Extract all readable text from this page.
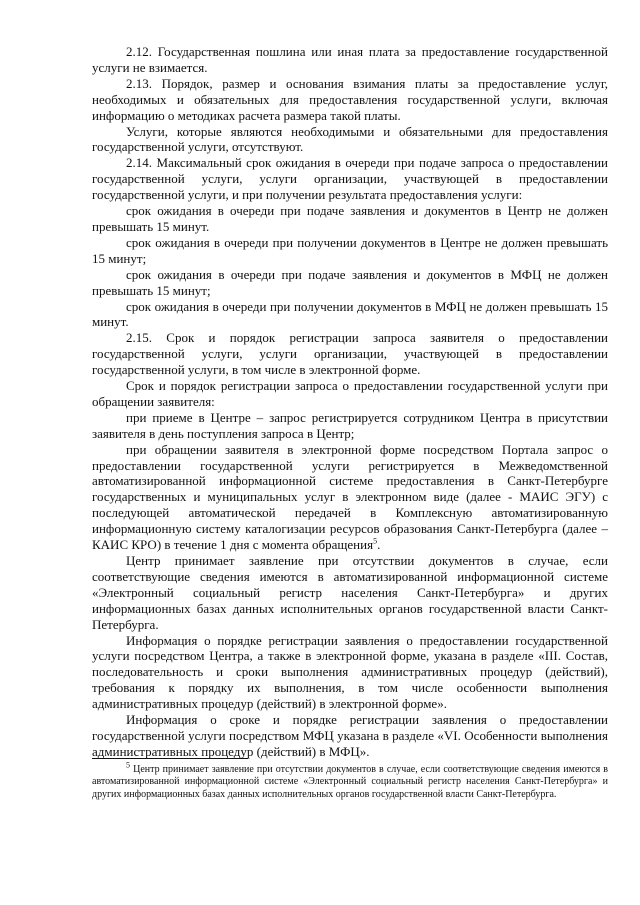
2.12. Государственная пошлина или иная плата за предоставление государственной услуги не взимается.

2.13. Порядок, размер и основания взимания платы за предоставление услуг, необходимых и обязательных для предоставления государственной услуги, включая информацию о методиках расчета размера такой платы.

Услуги, которые являются необходимыми и обязательными для предоставления государственной услуги, отсутствуют.

2.14. Максимальный срок ожидания в очереди при подаче запроса о предоставлении государственной услуги, услуги организации, участвующей в предоставлении государственной услуги, и при получении результата предоставления услуги:

срок ожидания в очереди при подаче заявления и документов в Центр не должен превышать 15 минут.

срок ожидания в очереди при получении документов в Центре не должен превышать 15 минут;

срок ожидания в очереди при подаче заявления и документов в МФЦ не должен превышать 15 минут;

срок ожидания в очереди при получении документов в МФЦ не должен превышать 15 минут.

2.15. Срок и порядок регистрации запроса заявителя о предоставлении государственной услуги, услуги организации, участвующей в предоставлении государственной услуги, в том числе в электронной форме.

Срок и порядок регистрации запроса о предоставлении государственной услуги при обращении заявителя:

при приеме в Центре – запрос регистрируется сотрудником Центра в присутствии заявителя в день поступления запроса в Центр;

при обращении заявителя в электронной форме посредством Портала запрос о предоставлении государственной услуги регистрируется в Межведомственной автоматизированной информационной системе предоставления в Санкт-Петербурге государственных и муниципальных услуг в электронном виде (далее - МАИС ЭГУ) с последующей автоматической передачей в Комплексную автоматизированную информационную систему каталогизации ресурсов образования Санкт-Петербурга (далее – КАИС КРО) в течение 1 дня с момента обращения$^5$.

Центр принимает заявление при отсутствии документов в случае, если соответствующие сведения имеются в автоматизированной информационной системе «Электронный социальный регистр населения Санкт-Петербурга» и других информационных базах данных исполнительных органов государственной власти Санкт-Петербурга.

Информация о порядке регистрации заявления о предоставлении государственной услуги посредством Центра, а также в электронной форме, указана в разделе «III. Состав, последовательность и сроки выполнения административных процедур (действий), требования к порядку их выполнения, в том числе особенности выполнения административных процедур (действий) в электронной форме».

Информация о сроке и порядке регистрации заявления о предоставлении государственной услуги посредством МФЦ указана в разделе «VI. Особенности выполнения административных процедур (действий) в МФЦ».

$^5$ Центр принимает заявление при отсутствии документов в случае, если соответствующие сведения имеются в автоматизированной информационной системе «Электронный социальный регистр населения Санкт-Петербурга» и других информационных базах данных исполнительных органов государственной власти Санкт-Петербурга.
